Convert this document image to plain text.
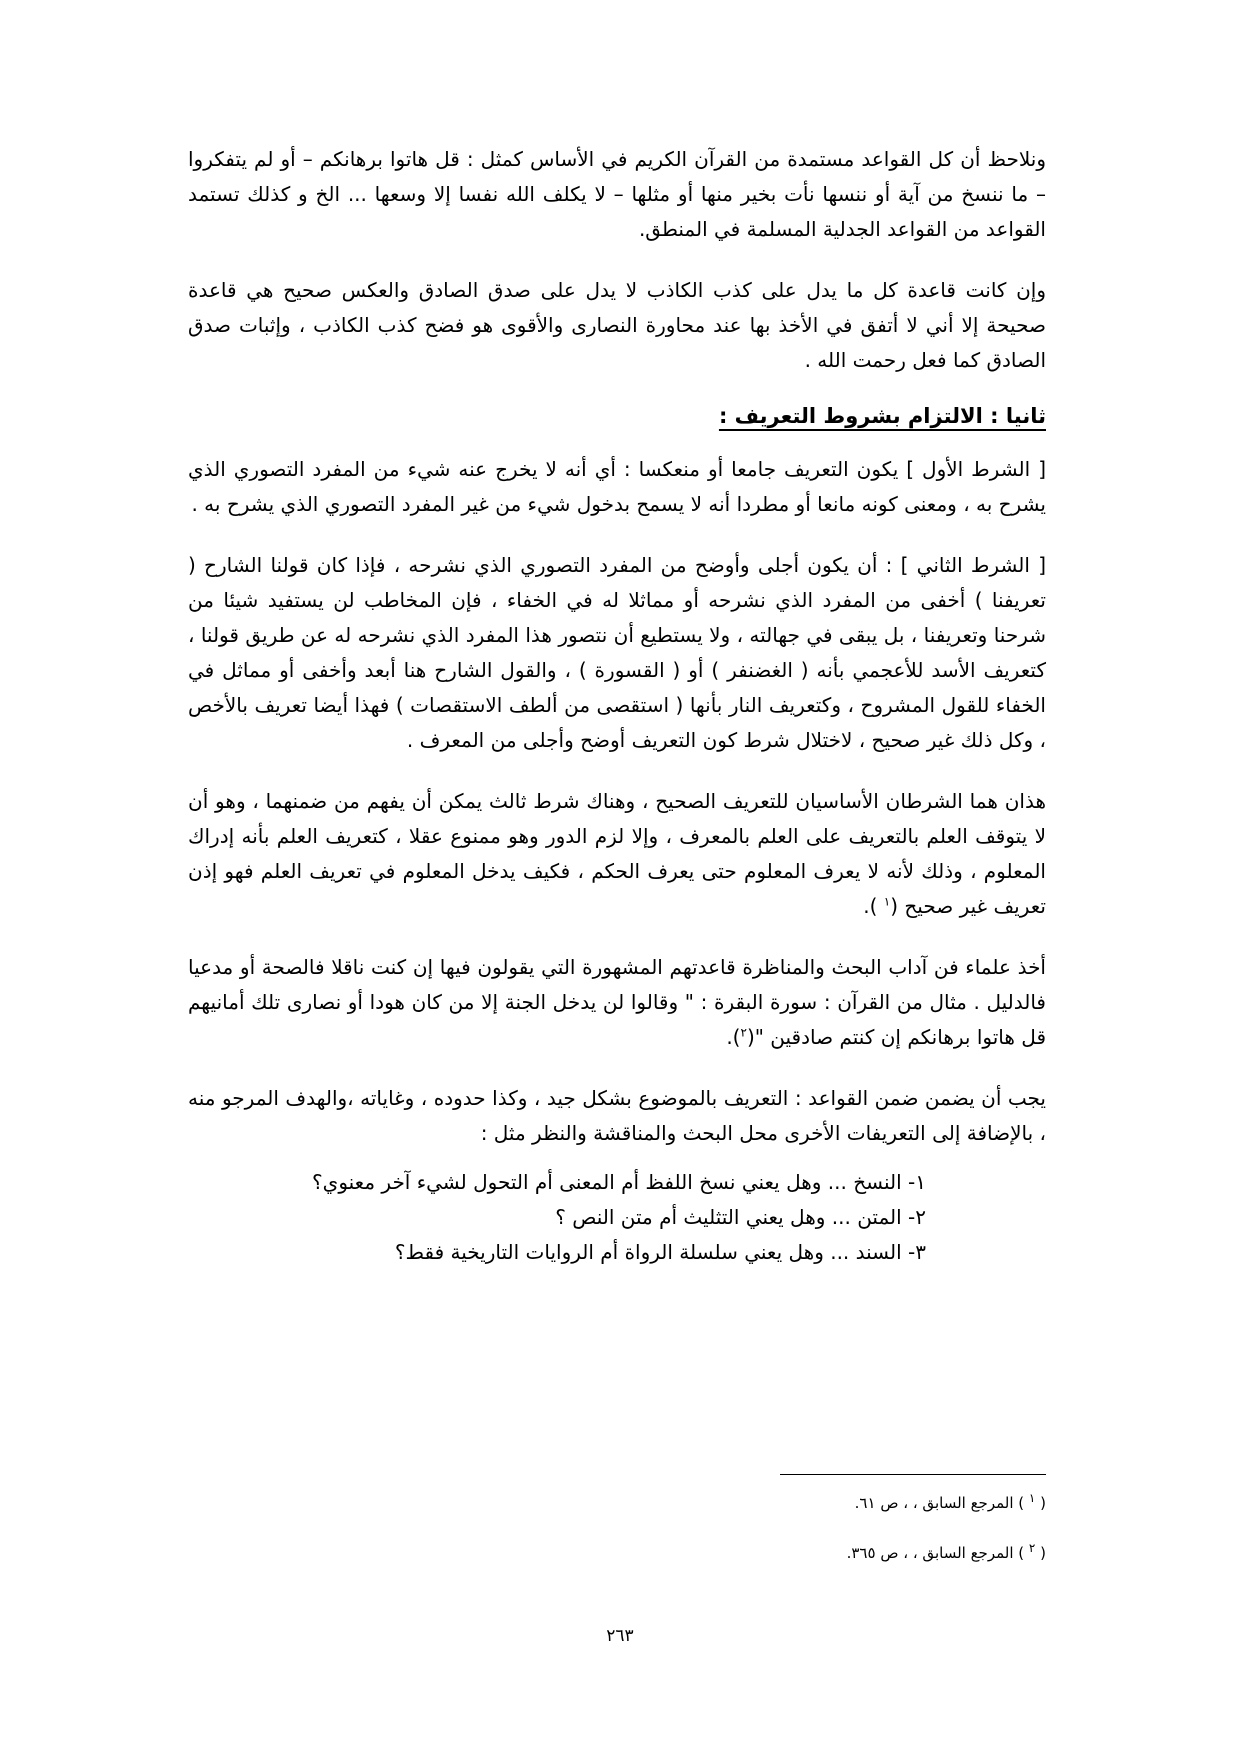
ونلاحظ أن كل القواعد مستمدة من القرآن الكريم في الأساس كمثل : قل هاتوا برهانكم – أو لم يتفكروا – ما ننسخ من آية أو ننسها نأت بخير منها أو مثلها – لا يكلف الله نفسا إلا وسعها ... الخ و كذلك تستمد القواعد من القواعد الجدلية المسلمة في المنطق.

وإن كانت قاعدة كل ما يدل على كذب الكاذب لا يدل على صدق الصادق والعكس صحيح هي قاعدة صحيحة إلا أني لا أتفق في الأخذ بها عند محاورة النصارى والأقوى هو فضح كذب الكاذب ، وإثبات صدق الصادق كما فعل رحمت الله .

ثانيا : الالتزام بشروط التعريف :

[ الشرط الأول ] يكون التعريف جامعا أو منعكسا : أي أنه لا يخرج عنه شيء من المفرد التصوري الذي يشرح به ، ومعنى كونه مانعا أو مطردا أنه لا يسمح بدخول شيء من غير المفرد التصوري الذي يشرح به .

[ الشرط الثاني ] : أن يكون أجلى وأوضح من المفرد التصوري الذي نشرحه ، فإذا كان قولنا الشارح ( تعريفنا ) أخفى من المفرد الذي نشرحه أو مماثلا له في الخفاء ، فإن المخاطب لن يستفيد شيئا من شرحنا وتعريفنا ، بل يبقى في جهالته ، ولا يستطيع أن نتصور هذا المفرد الذي نشرحه له عن طريق قولنا ، كتعريف الأسد للأعجمي بأنه ( الغضنفر ) أو ( القسورة ) ، والقول الشارح هنا أبعد وأخفى أو مماثل في الخفاء للقول المشروح ، وكتعريف النار بأنها ( استقصى من ألطف الاستقصات ) فهذا أيضا تعريف بالأخص ، وكل ذلك غير صحيح ، لاختلال شرط كون التعريف أوضح وأجلى من المعرف .

هذان هما الشرطان الأساسيان للتعريف الصحيح ، وهناك شرط ثالث يمكن أن يفهم من ضمنهما ، وهو أن لا يتوقف العلم بالتعريف على العلم بالمعرف ، وإلا لزم الدور وهو ممنوع عقلا ، كتعريف العلم بأنه إدراك المعلوم ، وذلك لأنه لا يعرف المعلوم حتى يعرف الحكم ، فكيف يدخل المعلوم في تعريف العلم فهو إذن تعريف غير صحيح ($^١$ ).

أخذ علماء فن آداب البحث والمناظرة قاعدتهم المشهورة التي يقولون فيها إن كنت ناقلا فالصحة أو مدعيا فالدليل . مثال من القرآن : سورة البقرة : " وقالوا لن يدخل الجنة إلا من كان هودا أو نصارى تلك أمانيهم قل هاتوا برهانكم إن كنتم صادقين "($^٢$).

يجب أن يضمن ضمن القواعد : التعريف بالموضوع بشكل جيد ، وكذا حدوده ، وغاياته ،والهدف المرجو منه ، بالإضافة إلى التعريفات الأخرى محل البحث والمناقشة والنظر مثل :

١- النسخ ... وهل يعني نسخ اللفظ أم المعنى أم التحول لشيء آخر معنوي؟
٢- المتن ... وهل يعني التثليث أم متن النص ؟
٣- السند ... وهل يعني سلسلة الرواة أم الروايات التاريخية فقط؟

( $^١$ ) المرجع السابق ، ، ص ٦١.

( $^٢$ ) المرجع السابق ، ، ص ٣٦٥.

٢٦٣
